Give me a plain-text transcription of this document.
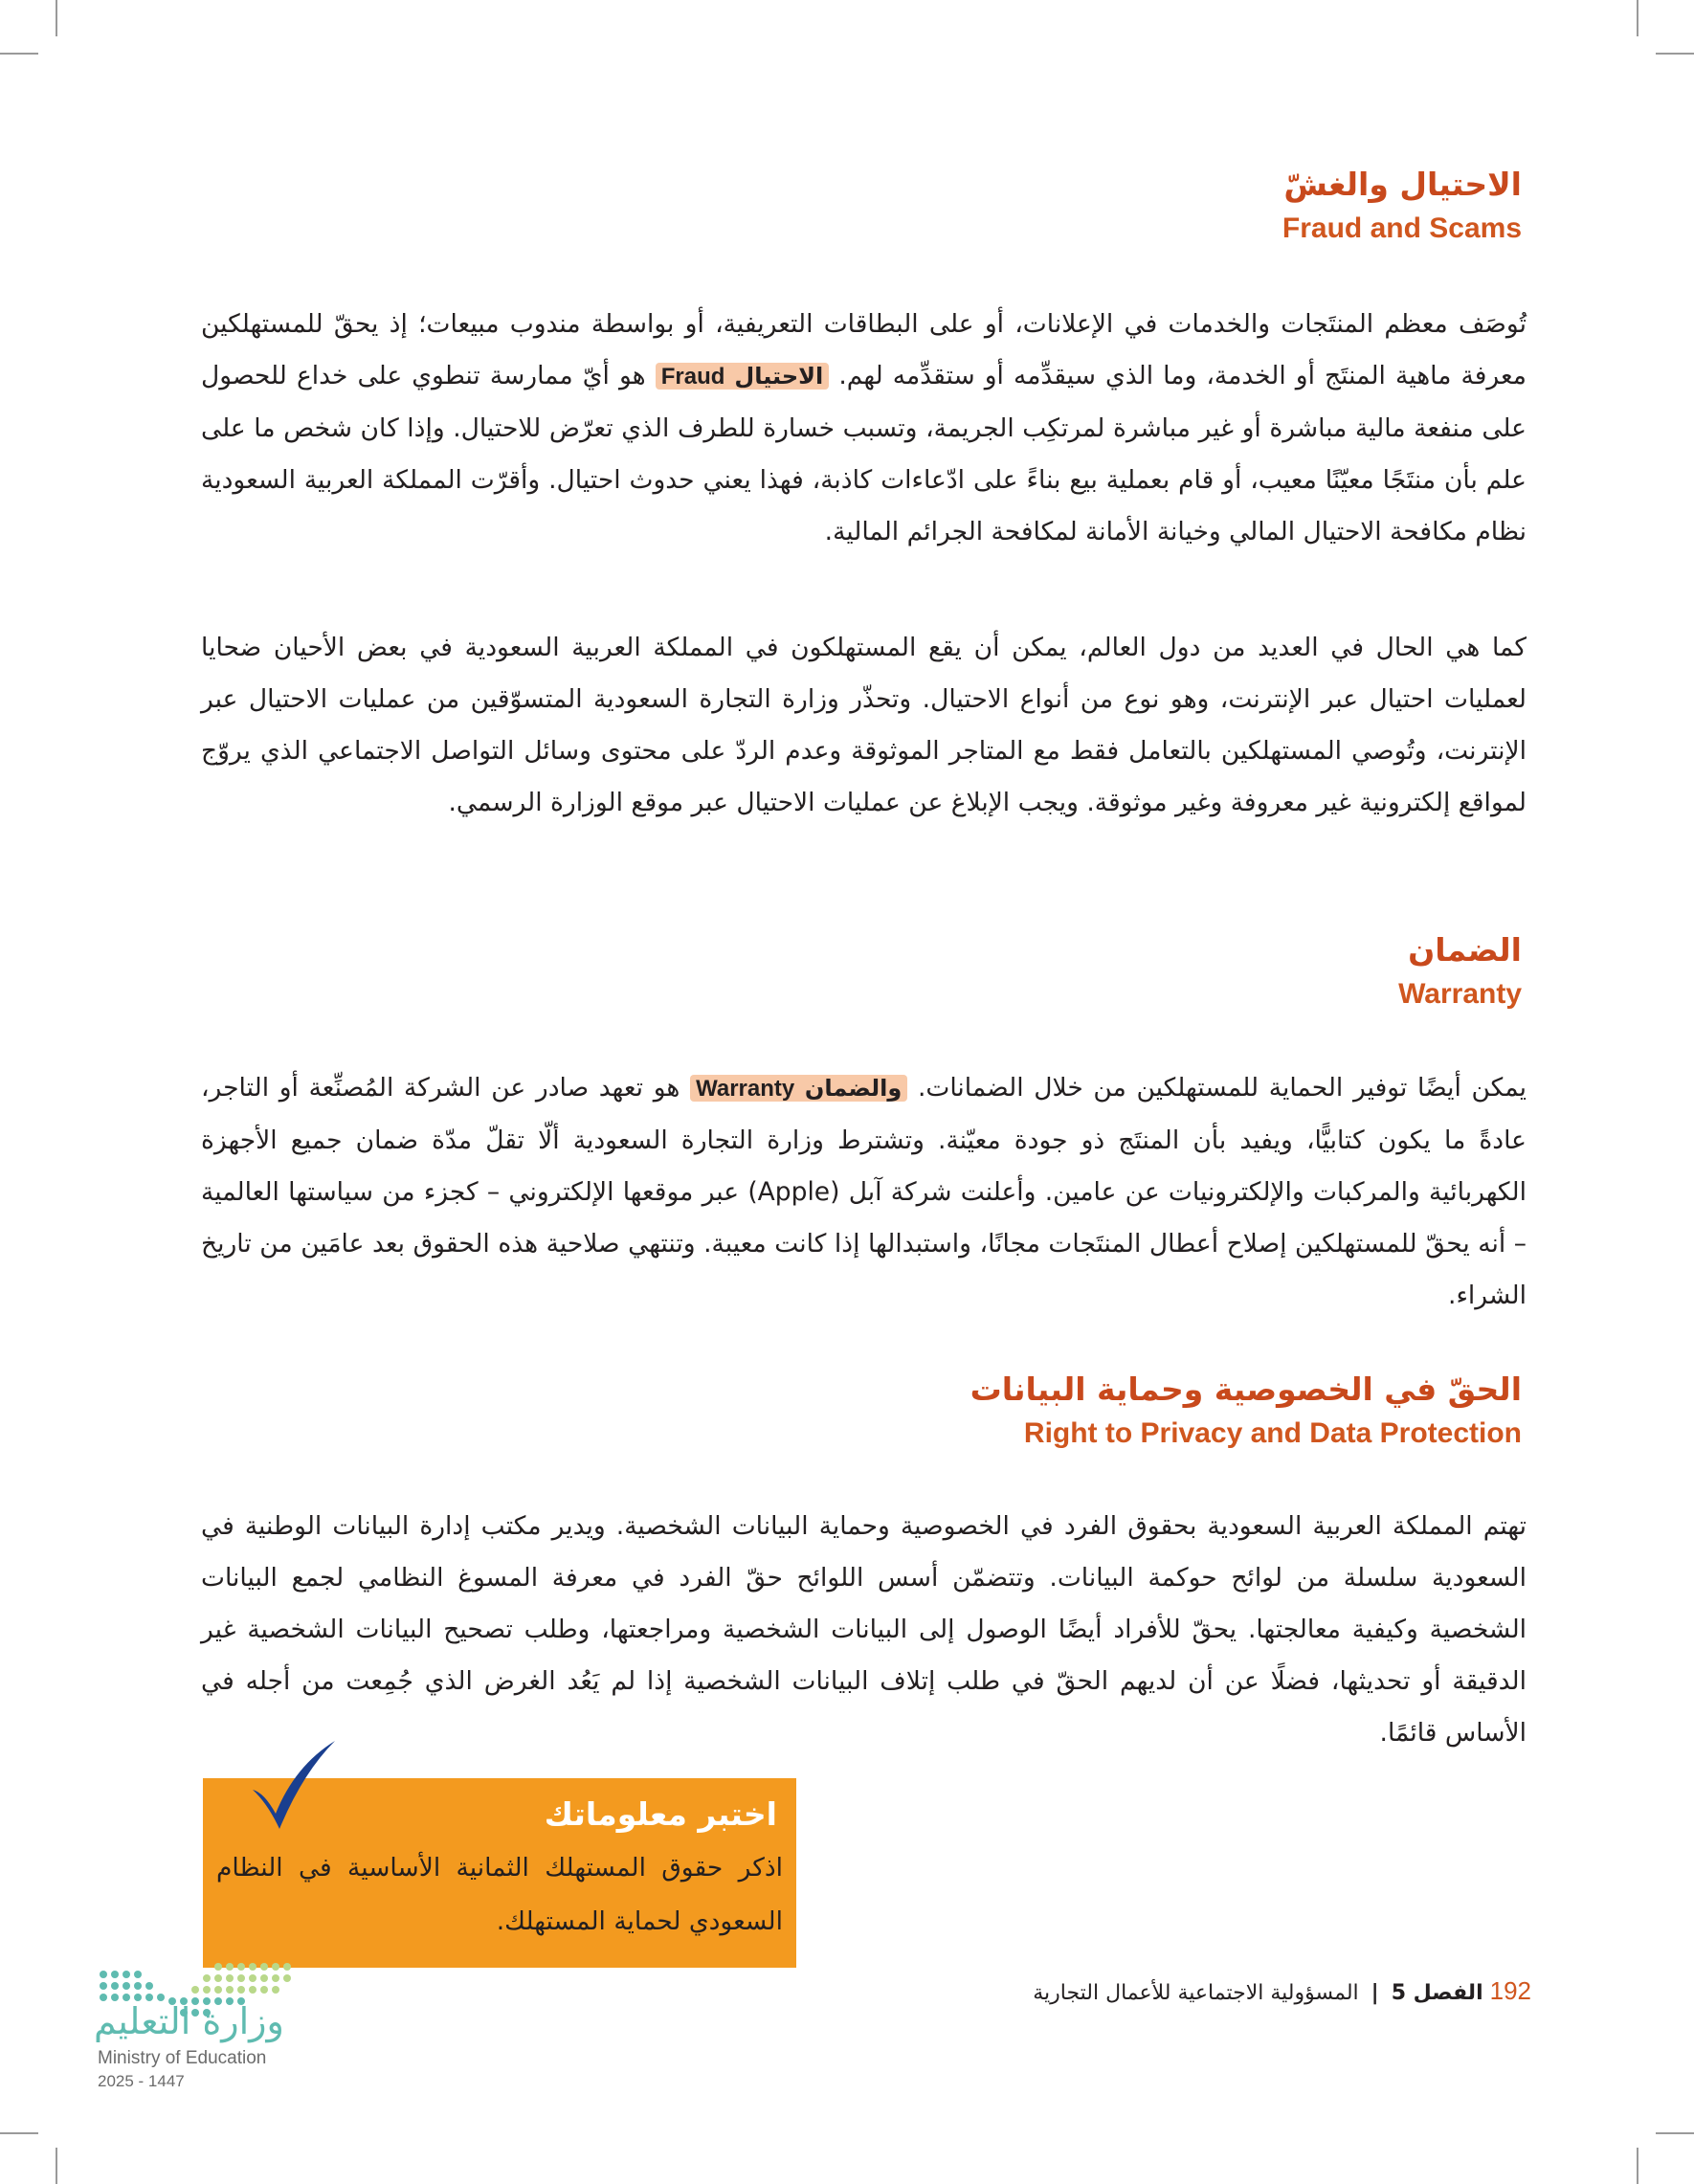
الاحتيال والغشّ
Fraud and Scams

تُوصَف معظم المنتَجات والخدمات في الإعلانات، أو على البطاقات التعريفية، أو بواسطة مندوب مبيعات؛ إذ يحقّ للمستهلكين معرفة ماهية المنتَج أو الخدمة، وما الذي سيقدِّمه أو ستقدِّمه لهم. الاحتيال Fraud هو أيّ ممارسة تنطوي على خداع للحصول على منفعة مالية مباشرة أو غير مباشرة لمرتكِب الجريمة، وتسبب خسارة للطرف الذي تعرّض للاحتيال. وإذا كان شخص ما على علم بأن منتَجًا معيّنًا معيب، أو قام بعملية بيع بناءً على ادّعاءات كاذبة، فهذا يعني حدوث احتيال. وأقرّت المملكة العربية السعودية نظام مكافحة الاحتيال المالي وخيانة الأمانة لمكافحة الجرائم المالية.

كما هي الحال في العديد من دول العالم، يمكن أن يقع المستهلكون في المملكة العربية السعودية في بعض الأحيان ضحايا لعمليات احتيال عبر الإنترنت، وهو نوع من أنواع الاحتيال. وتحذّر وزارة التجارة السعودية المتسوّقين من عمليات الاحتيال عبر الإنترنت، وتُوصي المستهلكين بالتعامل فقط مع المتاجر الموثوقة وعدم الردّ على محتوى وسائل التواصل الاجتماعي الذي يروّج لمواقع إلكترونية غير معروفة وغير موثوقة. ويجب الإبلاغ عن عمليات الاحتيال عبر موقع الوزارة الرسمي.

الضمان
Warranty

يمكن أيضًا توفير الحماية للمستهلكين من خلال الضمانات. والضمان Warranty هو تعهد صادر عن الشركة المُصنِّعة أو التاجر، عادةً ما يكون كتابيًّا، ويفيد بأن المنتَج ذو جودة معيّنة. وتشترط وزارة التجارة السعودية ألّا تقلّ مدّة ضمان جميع الأجهزة الكهربائية والمركبات والإلكترونيات عن عامين. وأعلنت شركة آبل (Apple) عبر موقعها الإلكتروني – كجزء من سياستها العالمية – أنه يحقّ للمستهلكين إصلاح أعطال المنتَجات مجانًا، واستبدالها إذا كانت معيبة. وتنتهي صلاحية هذه الحقوق بعد عامَين من تاريخ الشراء.

الحقّ في الخصوصية وحماية البيانات
Right to Privacy and Data Protection

تهتم المملكة العربية السعودية بحقوق الفرد في الخصوصية وحماية البيانات الشخصية. ويدير مكتب إدارة البيانات الوطنية في السعودية سلسلة من لوائح حوكمة البيانات. وتتضمّن أسس اللوائح حقّ الفرد في معرفة المسوغ النظامي لجمع البيانات الشخصية وكيفية معالجتها. يحقّ للأفراد أيضًا الوصول إلى البيانات الشخصية ومراجعتها، وطلب تصحيح البيانات الشخصية غير الدقيقة أو تحديثها، فضلًا عن أن لديهم الحقّ في طلب إتلاف البيانات الشخصية إذا لم يَعُد الغرض الذي جُمِعت من أجله في الأساس قائمًا.

اختبر معلوماتك

اذكر حقوق المستهلك الثمانية الأساسية في النظام السعودي لحماية المستهلك.

وزارة التعليم

Ministry of Education

2025 - 1447

192 الفصل 5 | المسؤولية الاجتماعية للأعمال التجارية
